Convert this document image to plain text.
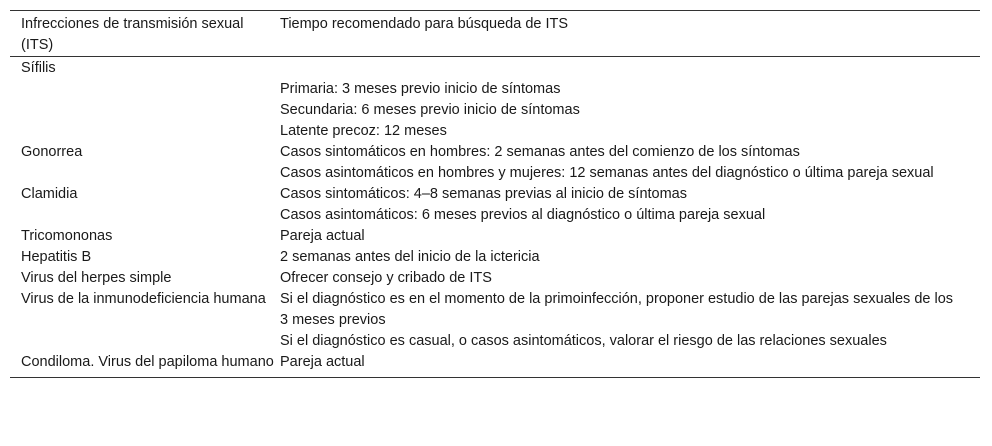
Infrecciones de transmisión sexual (ITS)	Tiempo recomendado para búsqueda de ITS
Sífilis	Primaria: 3 meses previo inicio de síntomas
Secundaria: 6 meses previo inicio de síntomas
Latente precoz: 12 meses

Gonorrea	Casos sintomáticos en hombres: 2 semanas antes del comienzo de los síntomas
Casos asintomáticos en hombres y mujeres: 12 semanas antes del diagnóstico o última pareja sexual

Clamidia	Casos sintomáticos: 4–8 semanas previas al inicio de síntomas
Casos asintomáticos: 6 meses previos al diagnóstico o última pareja sexual

Tricomononas	Pareja actual

Hepatitis B	2 semanas antes del inicio de la ictericia

Virus del herpes simple	Ofrecer consejo y cribado de ITS

Virus de la inmunodeficiencia humana	Si el diagnóstico es en el momento de la primoinfección, proponer estudio de las parejas sexuales de los 3 meses previos
Si el diagnóstico es casual, o casos asintomáticos, valorar el riesgo de las relaciones sexuales

Condiloma. Virus del papiloma humano	Pareja actual
